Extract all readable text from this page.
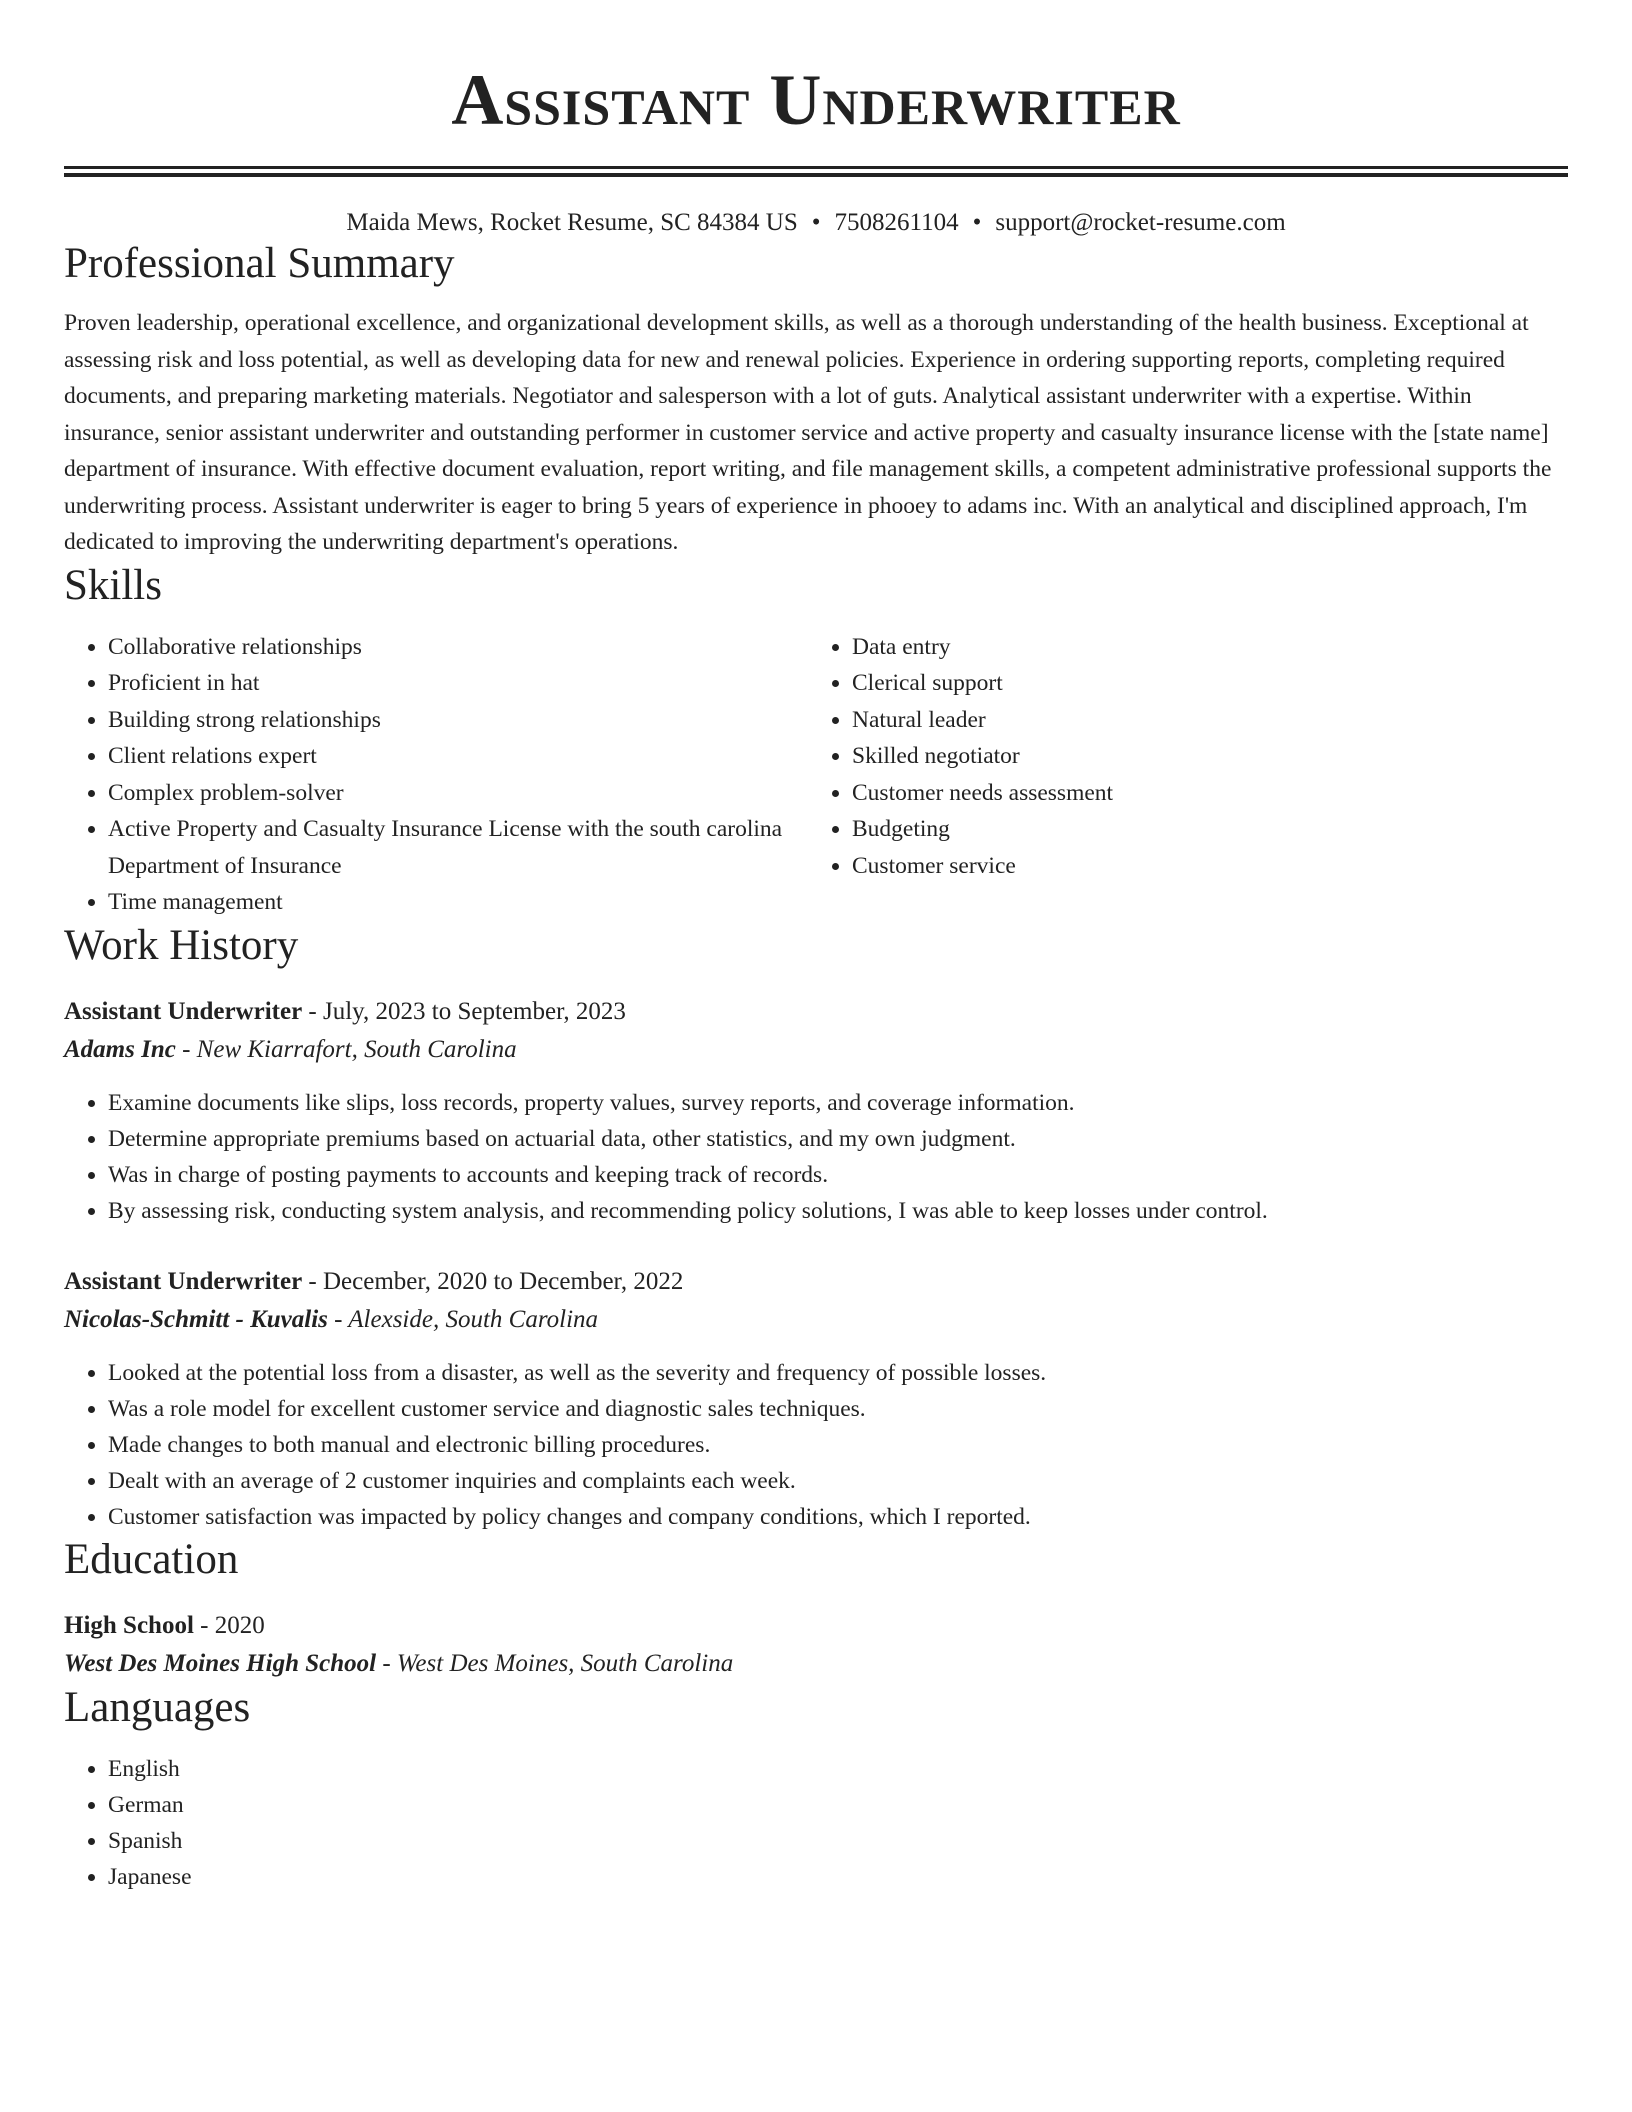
Assistant Underwriter
Maida Mews, Rocket Resume, SC 84384 US • 7508261104 • support@rocket-resume.com
Professional Summary
Proven leadership, operational excellence, and organizational development skills, as well as a thorough understanding of the health business. Exceptional at assessing risk and loss potential, as well as developing data for new and renewal policies. Experience in ordering supporting reports, completing required documents, and preparing marketing materials. Negotiator and salesperson with a lot of guts. Analytical assistant underwriter with a expertise. Within insurance, senior assistant underwriter and outstanding performer in customer service and active property and casualty insurance license with the [state name] department of insurance. With effective document evaluation, report writing, and file management skills, a competent administrative professional supports the underwriting process. Assistant underwriter is eager to bring 5 years of experience in phooey to adams inc. With an analytical and disciplined approach, I'm dedicated to improving the underwriting department's operations.
Skills
• Collaborative relationships
• Proficient in hat
• Building strong relationships
• Client relations expert
• Complex problem-solver
• Active Property and Casualty Insurance License with the south carolina Department of Insurance
• Time management
• Data entry
• Clerical support
• Natural leader
• Skilled negotiator
• Customer needs assessment
• Budgeting
• Customer service
Work History
Assistant Underwriter - July, 2023 to September, 2023
Adams Inc - New Kiarrafort, South Carolina
• Examine documents like slips, loss records, property values, survey reports, and coverage information.
• Determine appropriate premiums based on actuarial data, other statistics, and my own judgment.
• Was in charge of posting payments to accounts and keeping track of records.
• By assessing risk, conducting system analysis, and recommending policy solutions, I was able to keep losses under control.
Assistant Underwriter - December, 2020 to December, 2022
Nicolas-Schmitt - Kuvalis - Alexside, South Carolina
• Looked at the potential loss from a disaster, as well as the severity and frequency of possible losses.
• Was a role model for excellent customer service and diagnostic sales techniques.
• Made changes to both manual and electronic billing procedures.
• Dealt with an average of 2 customer inquiries and complaints each week.
• Customer satisfaction was impacted by policy changes and company conditions, which I reported.
Education
High School - 2020
West Des Moines High School - West Des Moines, South Carolina
Languages
• English
• German
• Spanish
• Japanese
